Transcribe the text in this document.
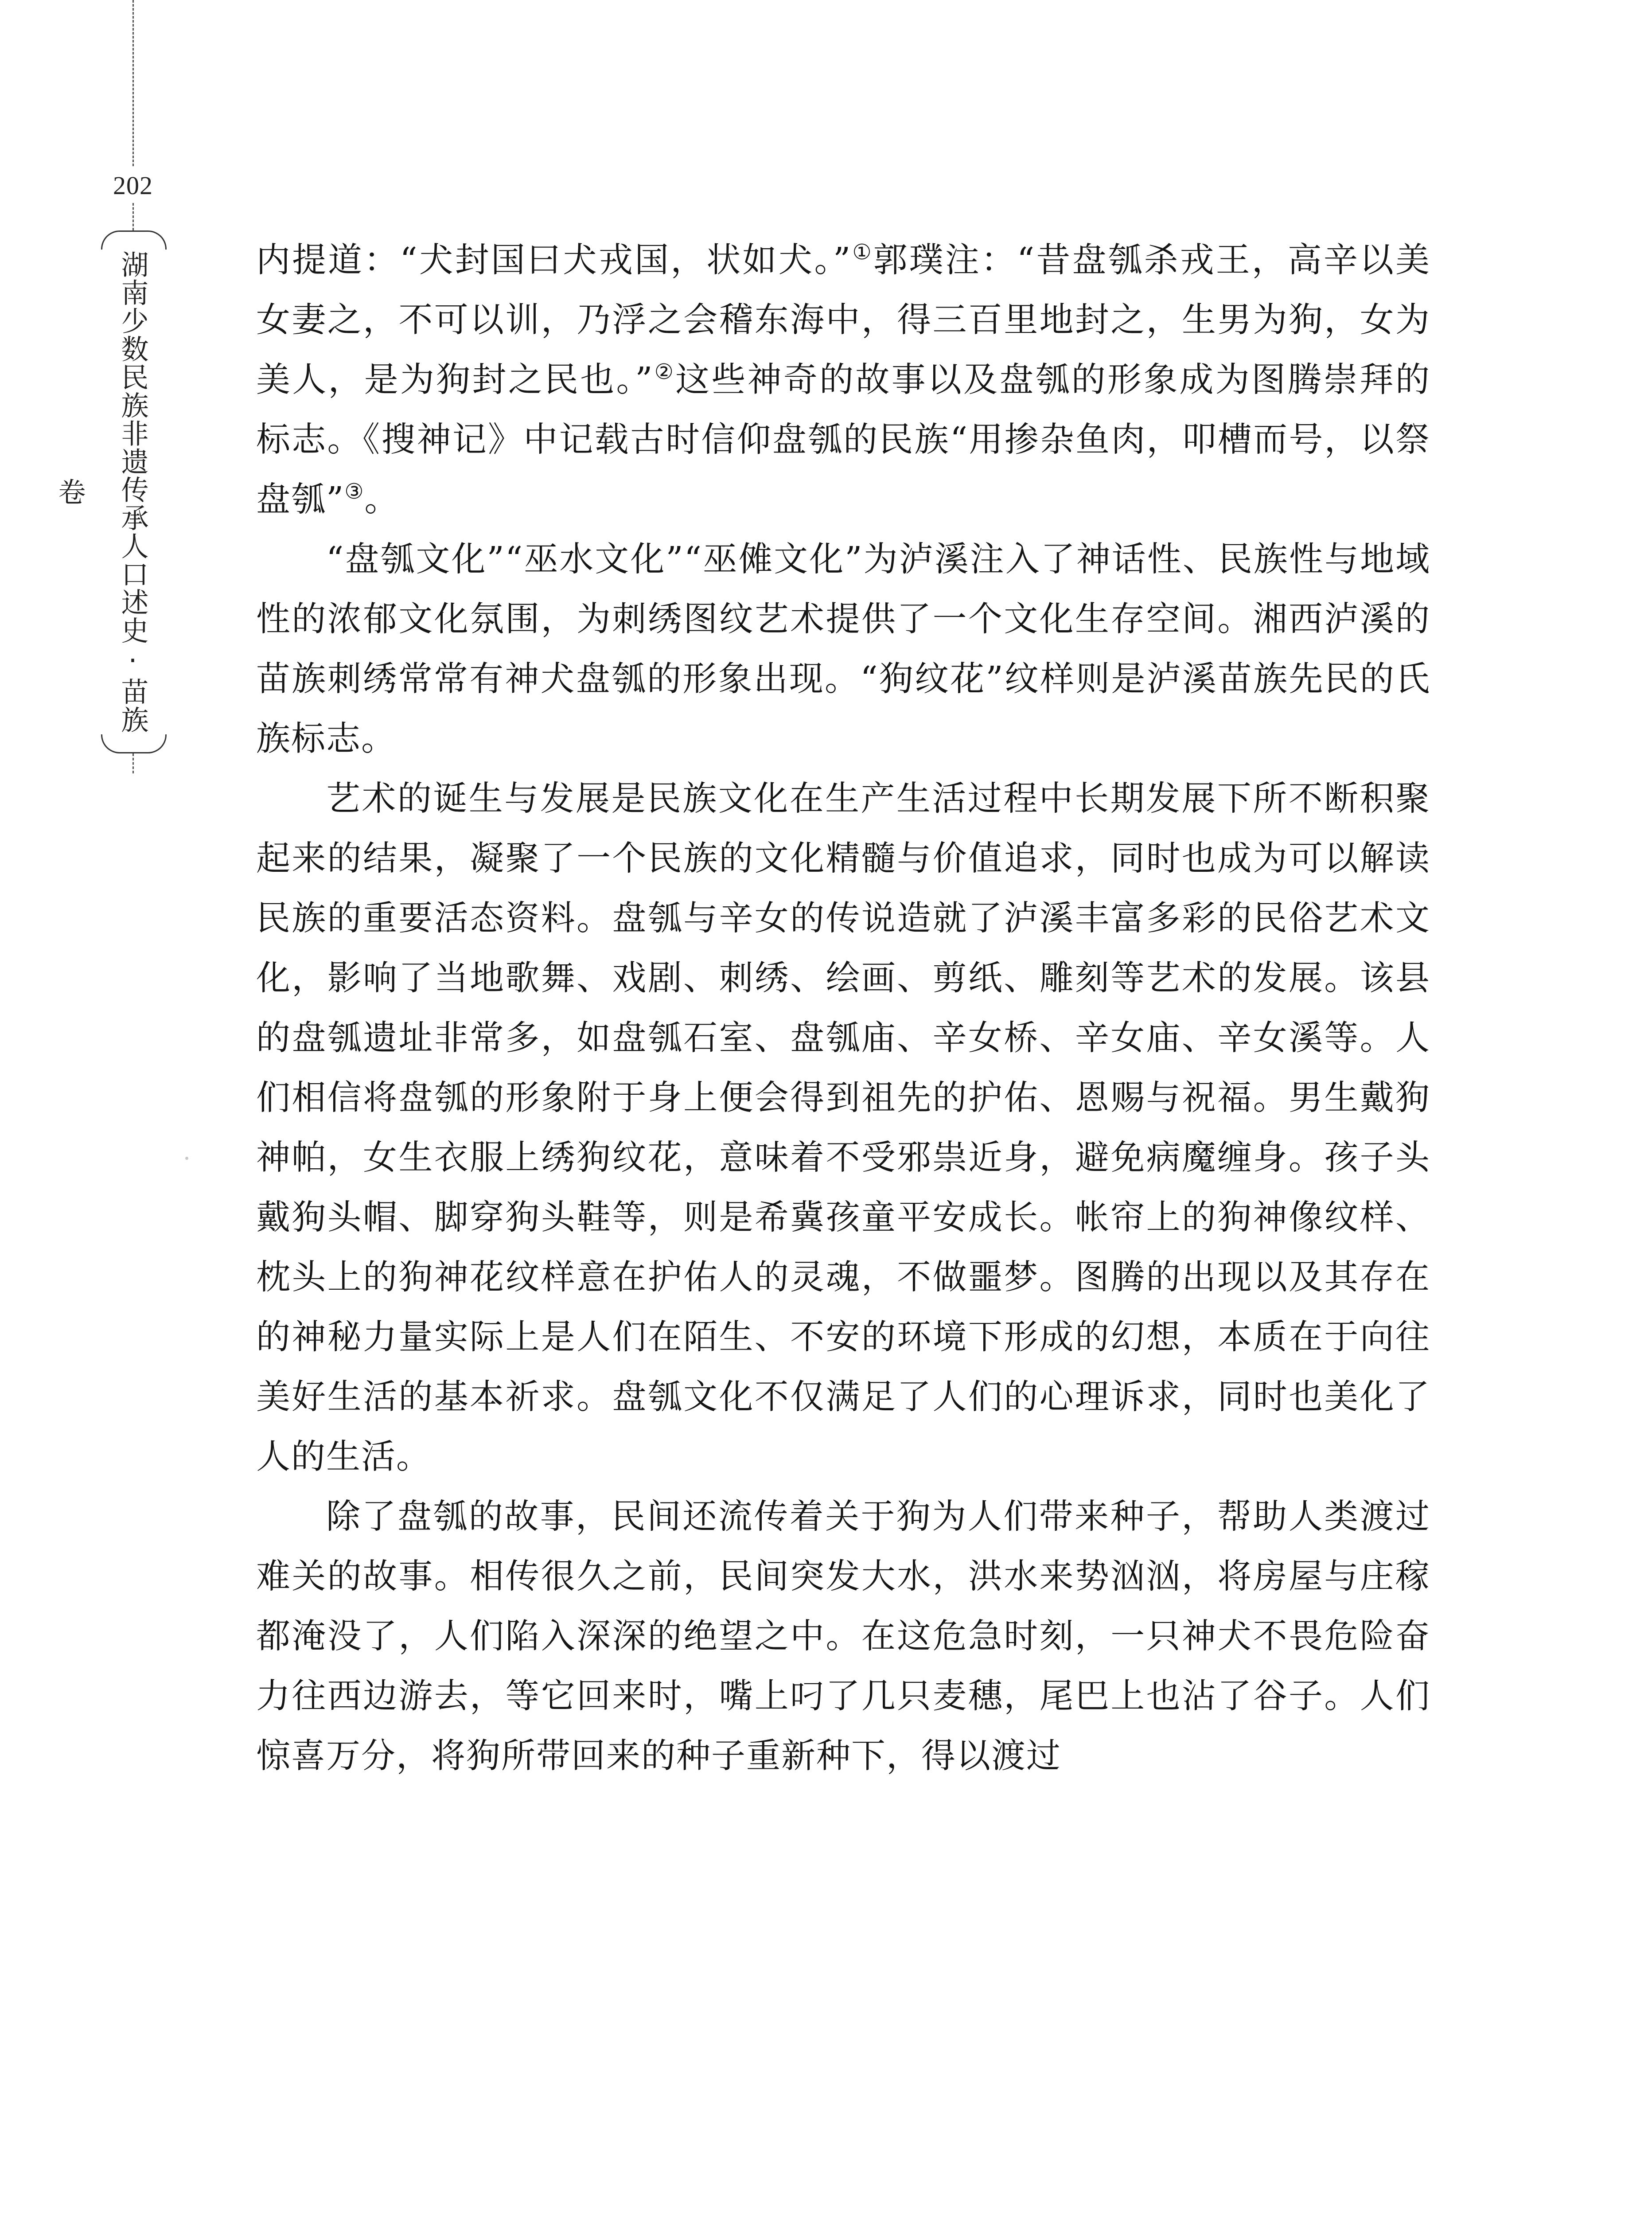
202
湖南少数民族非遗传承人口述史·苗族卷

内提道：“犬封国曰犬戎国，状如犬。”①郭璞注：“昔盘瓠杀戎王，高辛以美女妻之，不可以训，乃浮之会稽东海中，得三百里地封之，生男为狗，女为美人，是为狗封之民也。”②这些神奇的故事以及盘瓠的形象成为图腾崇拜的标志。《搜神记》中记载古时信仰盘瓠的民族“用掺杂鱼肉，叩槽而号，以祭盘瓠”③。

“盘瓠文化”“巫水文化”“巫傩文化”为泸溪注入了神话性、民族性与地域性的浓郁文化氛围，为刺绣图纹艺术提供了一个文化生存空间。湘西泸溪的苗族刺绣常常有神犬盘瓠的形象出现。“狗纹花”纹样则是泸溪苗族先民的氏族标志。

艺术的诞生与发展是民族文化在生产生活过程中长期发展下所不断积聚起来的结果，凝聚了一个民族的文化精髓与价值追求，同时也成为可以解读民族的重要活态资料。盘瓠与辛女的传说造就了泸溪丰富多彩的民俗艺术文化，影响了当地歌舞、戏剧、刺绣、绘画、剪纸、雕刻等艺术的发展。该县的盘瓠遗址非常多，如盘瓠石室、盘瓠庙、辛女桥、辛女庙、辛女溪等。人们相信将盘瓠的形象附于身上便会得到祖先的护佑、恩赐与祝福。男生戴狗神帕，女生衣服上绣狗纹花，意味着不受邪祟近身，避免病魔缠身。孩子头戴狗头帽、脚穿狗头鞋等，则是希冀孩童平安成长。帐帘上的狗神像纹样、枕头上的狗神花纹样意在护佑人的灵魂，不做噩梦。图腾的出现以及其存在的神秘力量实际上是人们在陌生、不安的环境下形成的幻想，本质在于向往美好生活的基本祈求。盘瓠文化不仅满足了人们的心理诉求，同时也美化了人的生活。

除了盘瓠的故事，民间还流传着关于狗为人们带来种子，帮助人类渡过难关的故事。相传很久之前，民间突发大水，洪水来势汹汹，将房屋与庄稼都淹没了，人们陷入深深的绝望之中。在这危急时刻，一只神犬不畏危险奋力往西边游去，等它回来时，嘴上叼了几只麦穗，尾巴上也沾了谷子。人们惊喜万分，将狗所带回来的种子重新种下，得以渡过
